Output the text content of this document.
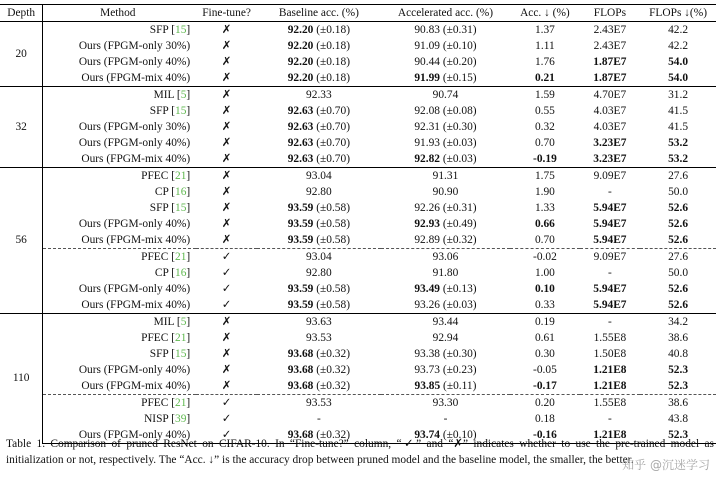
Depth	Method	Fine-tune?	Baseline acc. (%)	Accelerated acc. (%)	Acc. ↓ (%)	FLOPs	FLOPs ↓(%)
20	SFP [15]	✗	92.20 (±0.18)	90.83 (±0.31)	1.37	2.43E7	42.2
	Ours (FPGM-only 30%)	✗	92.20 (±0.18)	91.09 (±0.10)	1.11	2.43E7	42.2
	Ours (FPGM-only 40%)	✗	92.20 (±0.18)	90.44 (±0.20)	1.76	1.87E7	54.0
	Ours (FPGM-mix 40%)	✗	92.20 (±0.18)	91.99 (±0.15)	0.21	1.87E7	54.0
32	MIL [5]	✗	92.33	90.74	1.59	4.70E7	31.2
	SFP [15]	✗	92.63 (±0.70)	92.08 (±0.08)	0.55	4.03E7	41.5
	Ours (FPGM-only 30%)	✗	92.63 (±0.70)	92.31 (±0.30)	0.32	4.03E7	41.5
	Ours (FPGM-only 40%)	✗	92.63 (±0.70)	91.93 (±0.03)	0.70	3.23E7	53.2
	Ours (FPGM-mix 40%)	✗	92.63 (±0.70)	92.82 (±0.03)	-0.19	3.23E7	53.2
56	PFEC [21]	✗	93.04	91.31	1.75	9.09E7	27.6
	CP [16]	✗	92.80	90.90	1.90	-	50.0
	SFP [15]	✗	93.59 (±0.58)	92.26 (±0.31)	1.33	5.94E7	52.6
	Ours (FPGM-only 40%)	✗	93.59 (±0.58)	92.93 (±0.49)	0.66	5.94E7	52.6
	Ours (FPGM-mix 40%)	✗	93.59 (±0.58)	92.89 (±0.32)	0.70	5.94E7	52.6
	PFEC [21]	✓	93.04	93.06	-0.02	9.09E7	27.6
	CP [16]	✓	92.80	91.80	1.00	-	50.0
	Ours (FPGM-only 40%)	✓	93.59 (±0.58)	93.49 (±0.13)	0.10	5.94E7	52.6
	Ours (FPGM-mix 40%)	✓	93.59 (±0.58)	93.26 (±0.03)	0.33	5.94E7	52.6
110	MIL [5]	✗	93.63	93.44	0.19	-	34.2
	PFEC [21]	✗	93.53	92.94	0.61	1.55E8	38.6
	SFP [15]	✗	93.68 (±0.32)	93.38 (±0.30)	0.30	1.50E8	40.8
	Ours (FPGM-only 40%)	✗	93.68 (±0.32)	93.73 (±0.23)	-0.05	1.21E8	52.3
	Ours (FPGM-mix 40%)	✗	93.68 (±0.32)	93.85 (±0.11)	-0.17	1.21E8	52.3
	PFEC [21]	✓	93.53	93.30	0.20	1.55E8	38.6
	NISP [39]	✓	-	-	0.18	-	43.8
	Ours (FPGM-only 40%)	✓	93.68 (±0.32)	93.74 (±0.10)	-0.16	1.21E8	52.3
Table 1. Comparison of pruned ResNet on CIFAR-10. In “Fine-tune?” column, “✓” and “✗” indicates whether to use the pre-trained model as initialization or not, respectively. The “Acc. ↓” is the accuracy drop between pruned model and the baseline model, the smaller, the better.
知乎 @沉迷学习
